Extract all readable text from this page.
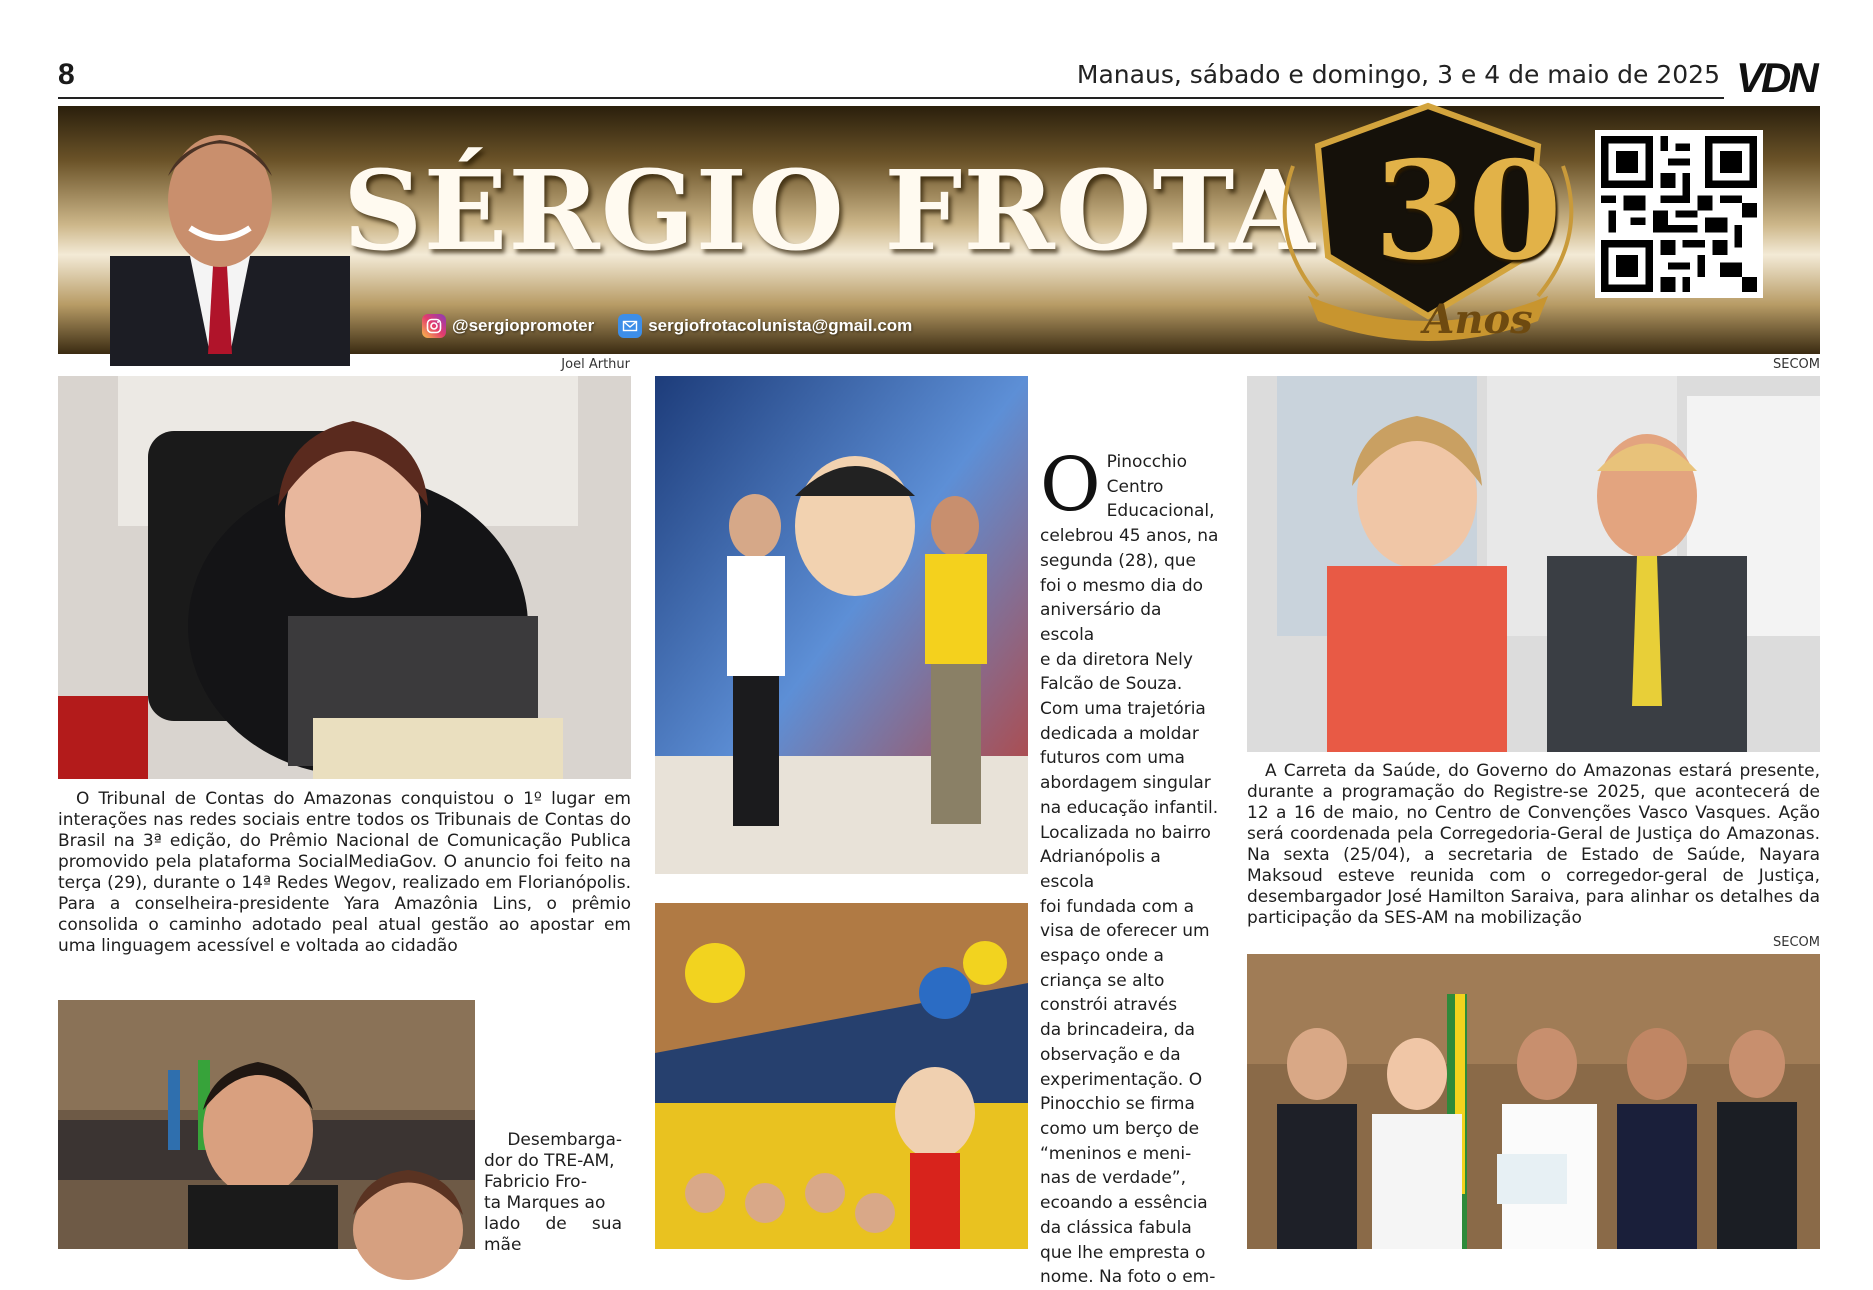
8	Manaus, sábado e domingo, 3 e 4 de maio de 2025 VDN
SÉRGIO FROTA
@sergiopromoter	sergiofrotacolunista@gmail.com
30
Anos
Joel Arthur

O Tribunal de Contas do Amazonas conquistou o 1º lugar em interações nas redes sociais entre todos os Tribunais de Contas do Brasil na 3ª edição, do Prêmio Nacional de Comunicação Publica promovido pela plataforma SocialMediaGov. O anuncio foi feito na terça (29), durante o 14ª Redes Wegov, realizado em Florianópolis. Para a conselheira-presidente Yara Amazônia Lins, o prêmio consolida o caminho adotado peal atual gestão ao apostar em uma linguagem acessível e voltada ao cidadão

Desembarga-
dor do TRE-AM,
Fabricio Fro-
ta Marques ao
lado de sua mãe
O Pinocchio
Centro
Educacional,
celebrou 45 anos, na
segunda (28), que
foi o mesmo dia do
aniversário da escola
e da diretora Nely
Falcão de Souza.
Com uma trajetória
dedicada a moldar
futuros com uma
abordagem singular
na educação infantil.
Localizada no bairro
Adrianópolis a escola
foi fundada com a
visa de oferecer um
espaço onde a
criança se alto
constrói através
da brincadeira, da
observação e da
experimentação. O
Pinocchio se firma
como um berço de
“meninos e meni-
nas de verdade”,
ecoando a essência
da clássica fabula
que lhe empresta o
nome. Na foto o em-
SECOM

A Carreta da Saúde, do Governo do Amazonas estará presente, durante a programação do Registre-se 2025, que acontecerá de 12 a 16 de maio, no Centro de Convenções Vasco Vasques. Ação será coordenada pela Corregedoria-Geral de Justiça do Amazonas. Na sexta (25/04), a secretaria de Estado de Saúde, Nayara Maksoud esteve reunida com o corregedor-geral de Justiça, desembargador José Hamilton Saraiva, para alinhar os detalhes da participação da SES-AM na mobilização

SECOM
